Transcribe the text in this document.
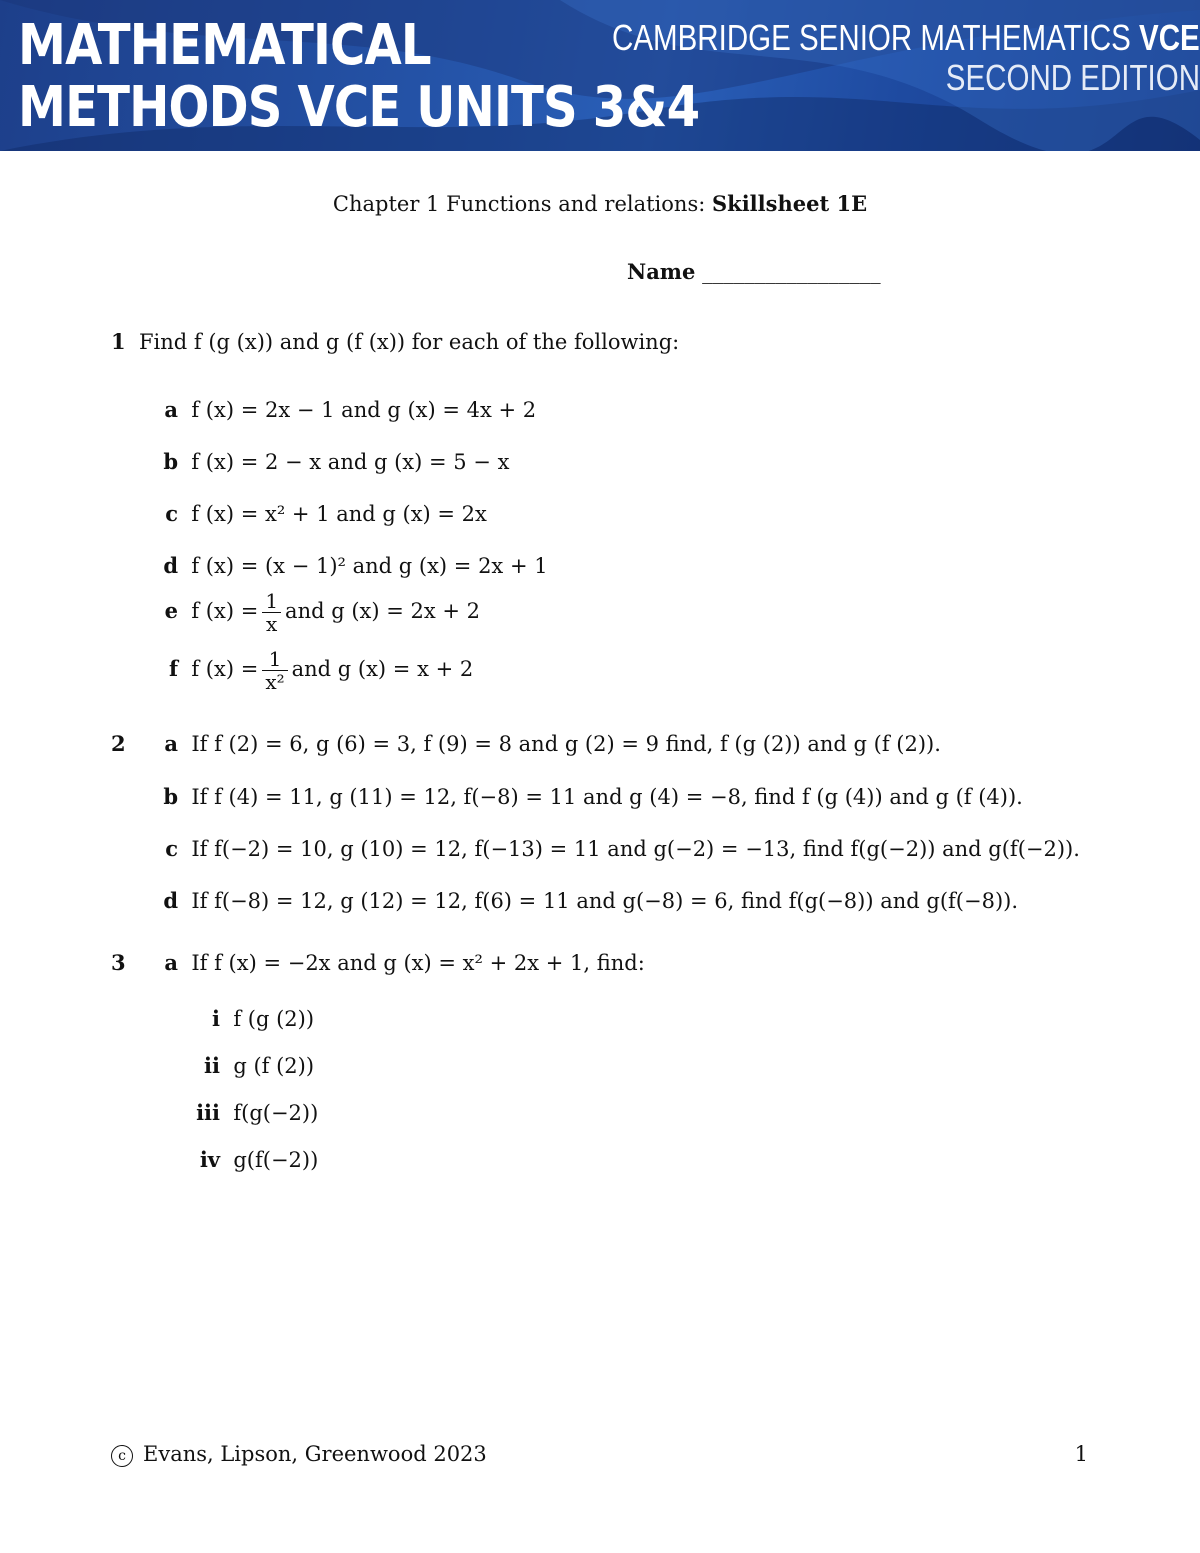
MATHEMATICAL
METHODS VCE UNITS 3&4
CAMBRIDGE SENIOR MATHEMATICS VCE
SECOND EDITION
Chapter 1 Functions and relations: Skillsheet 1E
Name _________________
1 Find f (g (x)) and g (f (x)) for each of the following:
a f (x) = 2x − 1 and g (x) = 4x + 2
b f (x) = 2 − x and g (x) = 5 − x
c f (x) = x² + 1 and g (x) = 2x
d f (x) = (x − 1)² and g (x) = 2x + 1
e f $(x) = \frac{1}{x}$ and g (x) = 2x + 2
f f $(x) = \frac{1}{\text{x²}}$ and g (x) = x + 2
2 a If f (2) = 6, g (6) = 3, f (9) = 8 and g (2) = 9 find, f (g (2)) and g (f (2)).
b If f (4) = 11, g (11) = 12, f(−8) = 11 and g (4) = −8, find f (g (4)) and g (f (4)).
c If f(−2) = 10, g (10) = 12, f(−13) = 11 and g(−2) = −13, find f(g(−2)) and g(f(−2)).
d If f(−8) = 12, g (12) = 12, f(6) = 11 and g(−8) = 6, find f(g(−8)) and g(f(−8)).
3 a If f (x) = −2x and g (x) = x² + 2x + 1, find:
i f (g (2))
ii g (f (2))
iii f(g(−2))
iv g(f(−2))
c Evans, Lipson, Greenwood 2023	1
